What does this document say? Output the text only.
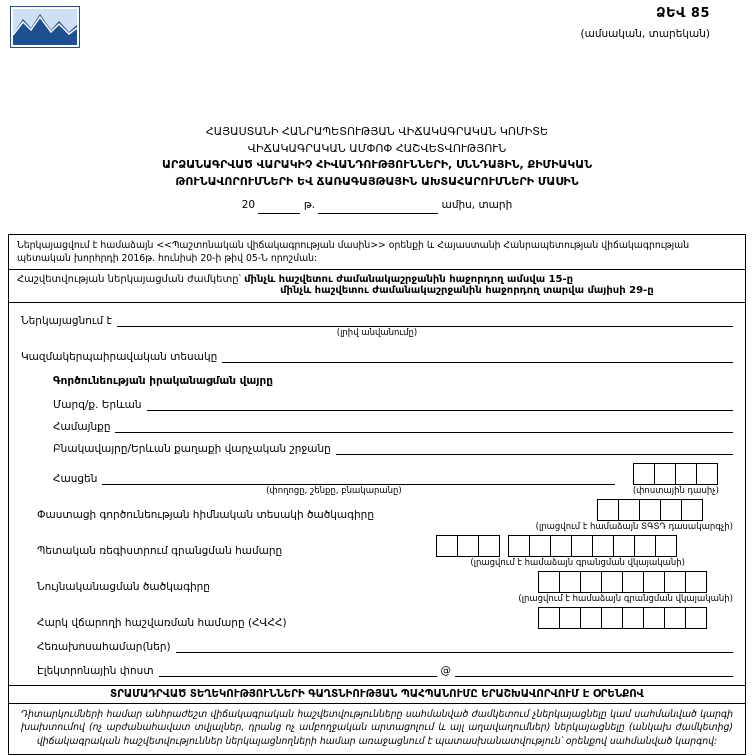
ՁԵՎ 85
(ամսական, տարեկան)
ՀԱՅԱՍՏԱՆԻ ՀԱՆՐԱՊԵՏՈՒԹՅԱՆ ՎԻՃԱԿԱԳՐԱԿԱՆ ԿՈՄԻՏԵ
ՎԻՃԱԿԱԳՐԱԿԱՆ ԱՄՓՈՓ ՀԱՇՎԵՏՎՈՒԹՅՈՒՆ
ԱՐՁԱՆԱԳՐՎԱԾ ՎԱՐԱԿԻՉ ՀԻՎԱՆԴՈՒԹՅՈՒՆՆԵՐԻ, ՍՆՆԴԱՅԻՆ, ՔԻՄԻԱԿԱՆ
ԹՈՒՆԱՎՈՐՈՒՄՆԵՐԻ ԵՎ ՃԱՌԱԳԱՅԹԱՅԻՆ ԱԽՏԱՀԱՐՈՒՄՆԵՐԻ ՄԱՍԻՆ
20	թ.	ամիս, տարի
Ներկայացվում է համաձայն <<Պաշտոնական վիճակագրության մասին>> օրենքի և Հայաստանի Հանրապետության վիճակագրության պետական խորհրդի 2016թ. հունիսի 20-ի թիվ 05-Ն որոշման:
Հաշվետվության ներկայացման ժամկետը՝ մինչև հաշվետու ժամանակաշրջանին հաջորդող ամսվա 15-ը
մինչև հաշվետու ժամանակաշրջանին հաջորդող տարվա մայիսի 29-ը
Ներկայացնում է
(լրիվ անվանումը)
Կազմակերպաիրավական տեսակը
Գործունեության իրականացման վայրը
Մարզ/ք. Երևան
Համայնքը
Բնակավայրը/Երևան քաղաքի վարչական շրջանը
Հասցեն
(փողոցը, շենքը, բնակարանը)	(փոստային դասիչ)
Փաստացի գործունեության հիմնական տեսակի ծածկագիրը
(լրացվում է համաձայն ՏԳՏԴ դասակարգչի)
Պետական ռեգիստրում գրանցման համարը
(լրացվում է համաձայն գրանցման վկայականի)
Նույնականացման ծածկագիրը
(լրացվում է համաձայն գրանցման վկայականի)
Հարկ վճարողի հաշվառման համարը (ՀՎՀՀ)
Հեռախոսահամար(ներ)
Էլեկտրոնային փոստ	@
ՏՐԱՄԱԴՐՎԱԾ ՏԵՂԵԿՈՒԹՅՈՒՆՆԵՐԻ ԳԱՂՏՆԻՈՒԹՅԱՆ ՊԱՀՊԱՆՈՒՄԸ ԵՐԱՇԽԱՎՈՐՎՈՒՄ Է ՕՐԵՆՔՈՎ
Դիտարկումների համար անհրաժեշտ վիճակագրական հաշվետվությունները սահմանված ժամկետում չներկայացնելը կամ սահմանված կարգի խախտումով (ոչ արժանահավատ տվյալներ, դրանց ոչ ամբողջական արտացոլում և այլ աղավաղումներ) ներկայացնելը (անկախ ժամկետից) վիճակագրական հաշվետվություններ ներկայացնողների համար առաջացնում է պատասխանատվություն՝ օրենքով սահմանված կարգով:
